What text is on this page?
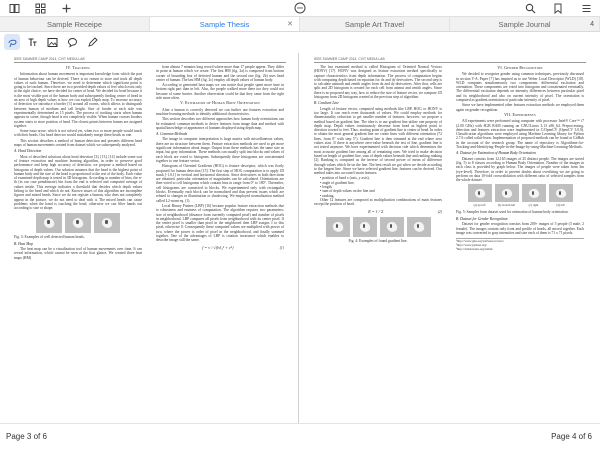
Sample Receipe	Sample Thesis	✕	Sample Art Travel	Sample Journal	4
IEEE SUMMER CAMP 2014, CVIT MEDIA LAB
IV. Tracking

Information about human movement is important knowledge from which the part of human behaviour can be derived. There is no reason to store and track all depth values of each human. Therefore, we need to determine which significant point is going to be tracked. Since there are two provided depth values of feet which exist only at the right choice, we have decided for center of head. We decided for head because it is the most visible part of the human body and subsequently finding center of head in an area of high depth values is how we can exploit Depth map. To increase accuracy of detection we introduce a border [3] around all rooms, which allows to distinguish between human of medium and tall height. Size of border at each side was experimentally determined as 15 pixels. The process of tracking starts when human appears in scene, though head is not completely visible. When human crosses borders system starts to store position of head. The closest points between frames are assigned together.

Some issue arose, which is not solved yet, when two or more people would touch with their heads. Our head detector would mistakenly merge these heads as one.

This section describes a method of human detection and presents different head maps of human movements created from dataset which we subsequently analyzed.

A. Head Detection

Most of described solutions about head detection [3], [13], [14] include some sort of feature extraction and machine learning algorithm, in order to preserve good performance and keep high accuracy of detection, we propose a method based on histogram of depth values. Our solution assumes that the head is the highest point of human body and the size of the head is proportional to the rest of the body. Each value of examined depth map is tested in 3D histogram. According to number of bins, the n-th (in our case penultimate) bin from the end is selected and computed average of values inside. This average indicates a threshold that decides which depth values belong to the head and which do not. Known issues of this algorithm are incomplete figures and mixed heads. Since we do not register a human, who does not completely appear in the picture, we do not need to deal with it. The mixed heads can cause problems when the hand is touching the head, otherwise we can filter hands out according to size or shape.

Fig. 3: Examples of well detected human heads.
B. Heat Map

The heat map can be a visualization tool of human movements over time. It can reveal information, which cannot be seen at the first glance. We created three heat maps (HM)

from almost 7 minutes long record where more than 17 people appear. They differ in point at human which we create. The first HM (fig. 2a) is composed from bottom corner of bounding box of detected human and the second one (fig. 2b) uses head center of human. The last HM (fig. 2c) employ all depth values of human body.

According to generated heat maps we can notice that people spent more time in bottom right part than in left. Also, the people walked more there too they could not because of some barrier. Another observation could be that they came from the right side more often.

V. Estimation of Human Body Orientation

After a human is correctly detected we can further use features extraction and machine learning methods to identify additional characteristics.

This section describes two different approaches how human body orientations can be estimated: common methods to derive features from image data and method with spatial knowledge of appearance of humans displayed using depth map.

A. Common Methods

The image in computer interpretation is large matrix with miscellaneous values, there are no structure between them. Feature extraction methods are used to get more significant information about image. Output from these methods has the same size as input, but gray information. These methods can usually split into blocks and values of each block are voted to histogram. Subsequently these histograms are concatenated together to one feature vector.

Histogram of Oriented Gradients (HOG) is feature descriptor, which was firstly proposed for human detection [15]. The first step of HOG computation is to apply 1D mask [-1,0,1] in vertical and horizontal direction. Since derivatives in both directions are obtained, particular orientation of magnitudes can be calculated. Orientations are then voted to cell histograms which contain bins in range from 0° to 180°. Thereafter, cell histograms are connected to blocks. We experimented only with rectangular blocks. Eventually each block can be normalized and thus prevent issues which are related to changes in illumination or shadowing. We employed normalization method called L2-norm eq. (1).

Local Binary Pattern (LBP) [16] became popular feature extraction methods due to robustness and easiness of computation. The algorithm requires two parameters; size of neighborhood (distance from currently computed pixel) and number of pixels in neighborhood. LBP compares all pixels from neighborhood with its center pixel. If the center pixel is smaller than pixel in the neighbored then LBP assigns 1 to this pixel, otherwise 0. Consequently these computed values are multiplied with power of two, where the power is order of pixel in the neighborhood, and finally summed together. One of the advantages of LBP is rotation invariance which enables to describe image still the same.

f = v / √(‖v‖₂² + e²)	(1)
IEEE SUMMER CAMP 2014, CVIT MEDIA LAB

The last examined method is called Histogram of Oriented Normal Vectors (HONV) [17]. HONV was designed as feature extraction method specifically to capture characteristics from depth information. The process of computation begins with computing depth based on equation for dx and dy derivatives. The second step is to calculate azimuth and zenith angles from dx and dy derivatives. After that, cells are split and 2D histogram is created for each cell from azimut and zenith angles. Since there is no proposed any way, how to reduce the size of feature vector, we compute 1D histogram from 2D histogram created at the previous step of algorithm.

B. Gradient Line

Length of feature vector, computed using methods like LBP, HOG or HONV is too large. It can reach even thousands of values. We could employ methods for dimensionality reduction to get smaller number of features, however, we propose a method based on gradient line. The idea is to use gradient line utilize one property of depth map. Depth values continuously decrease from head as highest point to direction toward to feet. Thus, starting point of gradient line is center of head. In order to obtain the most general gradient line we create lines with different orientation (72 lines, from 0° with step 5°). Gradient line is then trimmed at the end where zero values start. If there is anywhere zero-value beneath the test of line, gradient line is not tested anymore. We have experimented with decision rule which determines the most accurate gradient line among all of remaining ones. We tried to make decision based on length of gradient line, sum of depth values beneath line and ranking ranking [2]. Ranking is computed as the inverse of second power of mean of difference through values which lie on the line. The best result we got when we decide according to the longest line. Since we have selected gradient line, features can be derived. Our method takes into account 6 main features:

• position of head x (axis, y axis),
• angle of gradient line,
• length,
• sum of depth values on the line and
• ranking.

Other 12 features are composed as multiplication combinations of main features except the position of head.

R = 1 / Σ	(2)
Fig. 4: Examples of found gradient line.
VI. Gender Recognition

We decided to recognize gender using common techniques, previously discussed in section V-A. Paper [7] has inspired us to use Weber Local Descriptor (WLD) [18]. WLD computes simultaneously two components: differential excitation and orientation. These components are voted into histogram and concatenated eventually. The differential excitation depends on intensity differences between particular pixel and its neighborhood and also on current intensity of pixel. The orientation is computed as gradient orientation of particular intensity of pixel.

Since we have implemented other features extraction methods we employed them again on gender recognition.

VII. Experiments

All experiments were performed using computer with processor Intel® Core™ i7 (2.00 GHz) with 8GB RAM running on GNU/Linux 3.13 x86_64. Preprocessing, detection and features extraction were implemented in C/OpenCV (OpenCV 3.0.0). Classification algorithms were employed using Machine Learning library for Python 2.7.6 called scikit-learn. Implementation of proposed methods can be found at GitHub in the account of the research group. The name of repository is Algorithms-for-Tracking-and-Identifying-People-in-the-Image-by-using-Machine-Learning-Methods.

A. Dataset for Estimation of Human Body Orientation

Dataset consists from 12,165 images of 25 distinct people. The images are sorted (fig. 5) to 8 classes according to Human Body Orientation. Number of the images in each class is provided by graph below. The images of people were taken from 3m (eye-level). Therefore, in order to prevent doubts about overfitting we are going to perform on data 10-fold crossvalidation with different ratio of selected samples from the whole dataset.

(a) up left	(b) bottom left	(c) right	(d) left
Fig. 5: Samples from dataset used for estimation of human body orientation.
B. Dataset for Gender Recognition

Dataset for gender recognition consists from 200+ images of 5 people (3 male, 2 female). The images contain only front and profile of heads, all mixed together. Each image was converted to gray intensities and size each of them is 71 x 71 pixels.

¹http://www.gnu.org/software/octave/
²http://www.python.org/
³http://scikit-learn.org/stable/
Page 3 of 6	Page 4 of 6
